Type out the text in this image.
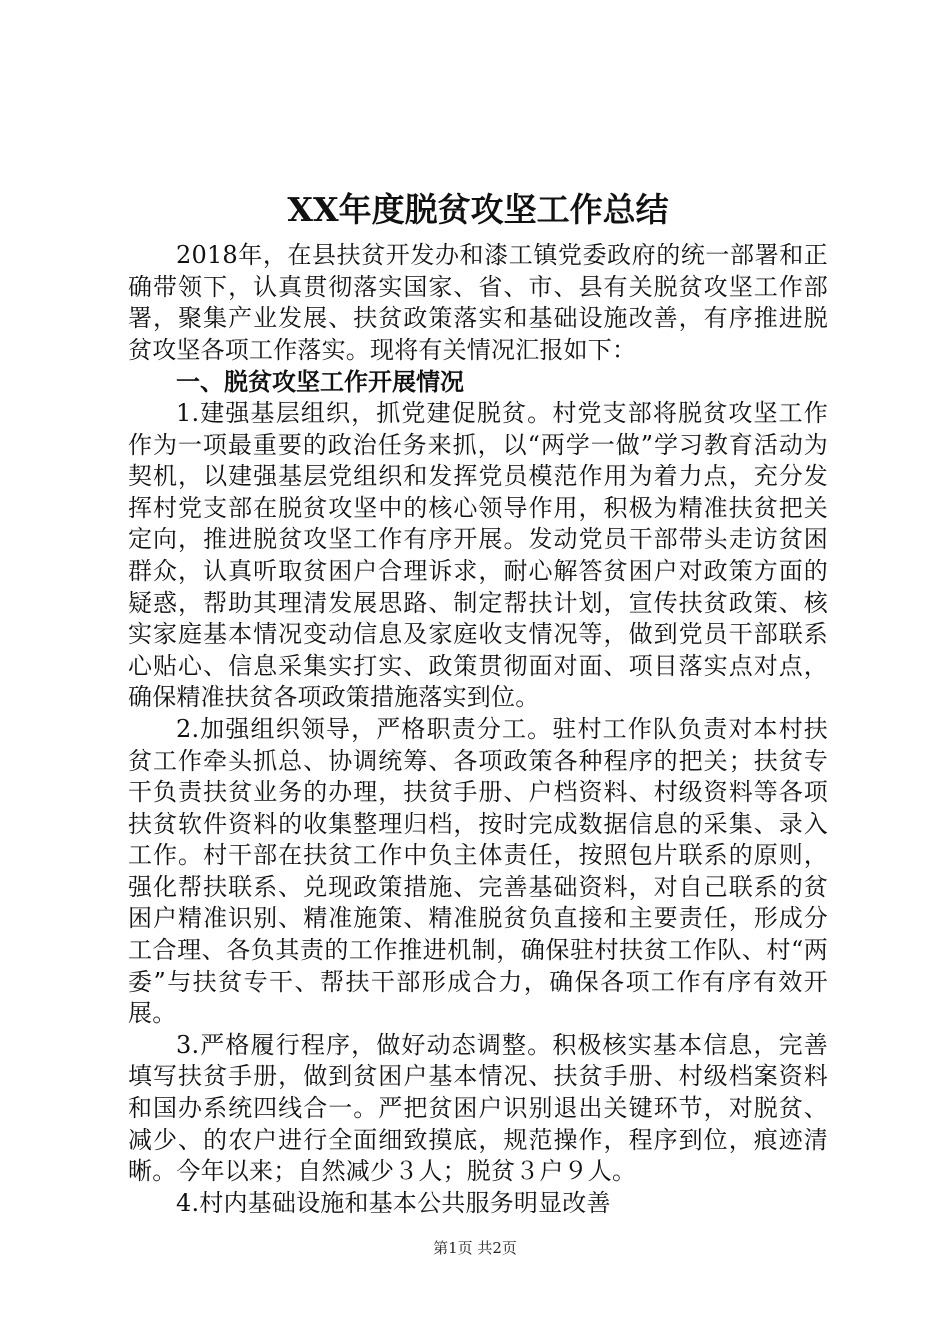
XX年度脱贫攻坚工作总结

2018年，在县扶贫开发办和漆工镇党委政府的统一部署和正确带领下，认真贯彻落实国家、省、市、县有关脱贫攻坚工作部署，聚集产业发展、扶贫政策落实和基础设施改善，有序推进脱贫攻坚各项工作落实。现将有关情况汇报如下：

一、脱贫攻坚工作开展情况

1.建强基层组织，抓党建促脱贫。村党支部将脱贫攻坚工作作为一项最重要的政治任务来抓，以“两学一做”学习教育活动为契机，以建强基层党组织和发挥党员模范作用为着力点，充分发挥村党支部在脱贫攻坚中的核心领导作用，积极为精准扶贫把关定向，推进脱贫攻坚工作有序开展。发动党员干部带头走访贫困群众，认真听取贫困户合理诉求，耐心解答贫困户对政策方面的疑惑，帮助其理清发展思路、制定帮扶计划，宣传扶贫政策、核实家庭基本情况变动信息及家庭收支情况等，做到党员干部联系心贴心、信息采集实打实、政策贯彻面对面、项目落实点对点，确保精准扶贫各项政策措施落实到位。

2.加强组织领导，严格职责分工。驻村工作队负责对本村扶贫工作牵头抓总、协调统筹、各项政策各种程序的把关；扶贫专干负责扶贫业务的办理，扶贫手册、户档资料、村级资料等各项扶贫软件资料的收集整理归档，按时完成数据信息的采集、录入工作。村干部在扶贫工作中负主体责任，按照包片联系的原则，强化帮扶联系、兑现政策措施、完善基础资料，对自己联系的贫困户精准识别、精准施策、精准脱贫负直接和主要责任，形成分工合理、各负其责的工作推进机制，确保驻村扶贫工作队、村“两委”与扶贫专干、帮扶干部形成合力，确保各项工作有序有效开展。

3.严格履行程序，做好动态调整。积极核实基本信息，完善填写扶贫手册，做到贫困户基本情况、扶贫手册、村级档案资料和国办系统四线合一。严把贫困户识别退出关键环节，对脱贫、减少、的农户进行全面细致摸底，规范操作，程序到位，痕迹清晰。今年以来；自然减少３人；脱贫３户９人。

4.村内基础设施和基本公共服务明显改善

第1页 共2页
